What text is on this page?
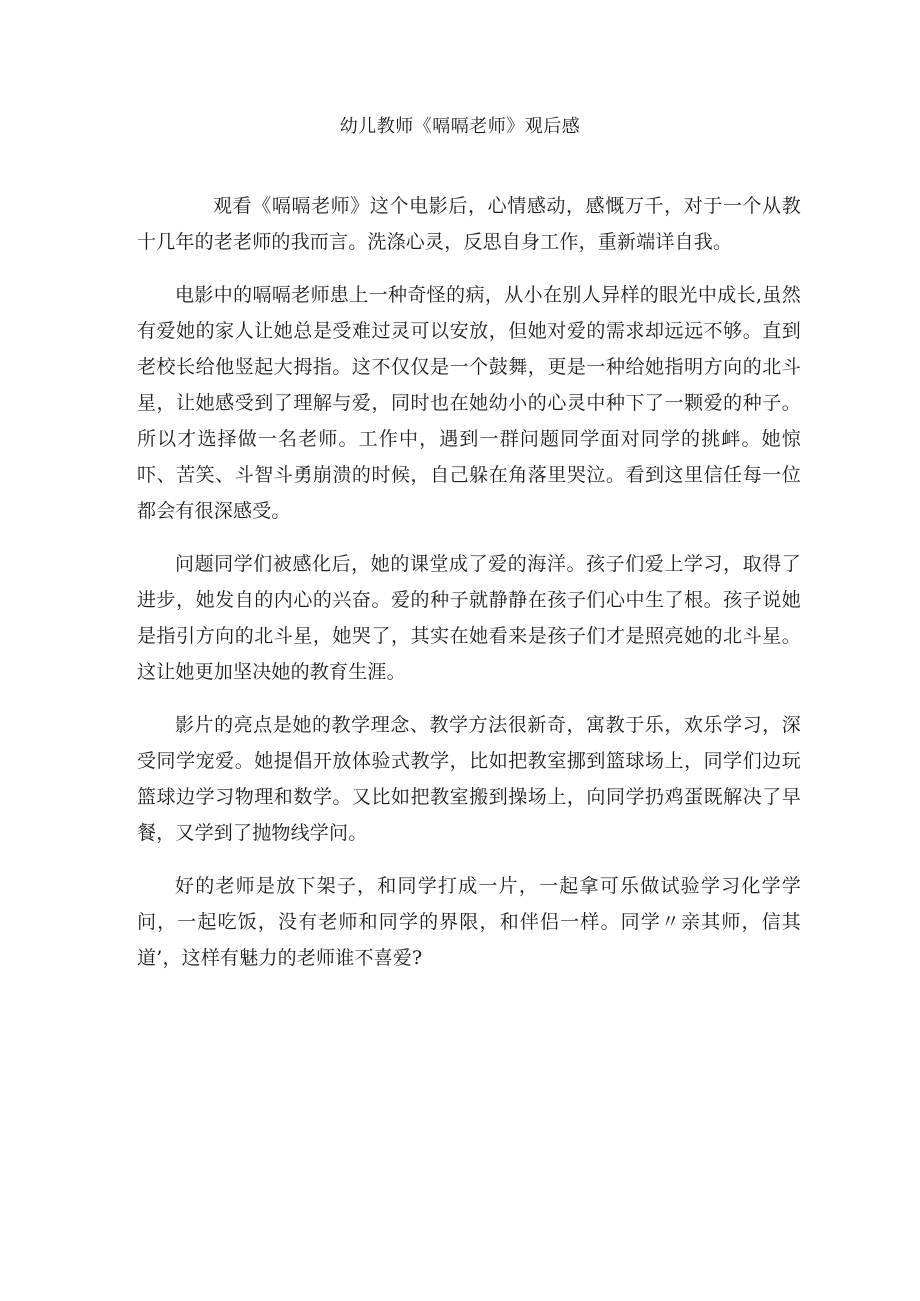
幼儿教师《嗝嗝老师》观后感

观看《嗝嗝老师》这个电影后，心情感动，感慨万千，对于一个从教十几年的老老师的我而言。洗涤心灵，反思自身工作，重新端详自我。

电影中的嗝嗝老师患上一种奇怪的病，从小在别人异样的眼光中成长,虽然有爱她的家人让她总是受难过灵可以安放，但她对爱的需求却远远不够。直到老校长给他竖起大拇指。这不仅仅是一个鼓舞，更是一种给她指明方向的北斗星，让她感受到了理解与爱，同时也在她幼小的心灵中种下了一颗爱的种子。所以才选择做一名老师。工作中，遇到一群问题同学面对同学的挑衅。她惊吓、苦笑、斗智斗勇崩溃的时候，自己躲在角落里哭泣。看到这里信任每一位都会有很深感受。

问题同学们被感化后，她的课堂成了爱的海洋。孩子们爱上学习，取得了进步，她发自的内心的兴奋。爱的种子就静静在孩子们心中生了根。孩子说她是指引方向的北斗星，她哭了，其实在她看来是孩子们才是照亮她的北斗星。这让她更加坚决她的教育生涯。

影片的亮点是她的教学理念、教学方法很新奇，寓教于乐，欢乐学习，深受同学宠爱。她提倡开放体验式教学，比如把教室挪到篮球场上，同学们边玩篮球边学习物理和数学。又比如把教室搬到操场上，向同学扔鸡蛋既解决了早餐，又学到了抛物线学问。

好的老师是放下架子，和同学打成一片，一起拿可乐做试验学习化学学问，一起吃饭，没有老师和同学的界限，和伴侣一样。同学〃亲其师，信其道’，这样有魅力的老师谁不喜爱?
